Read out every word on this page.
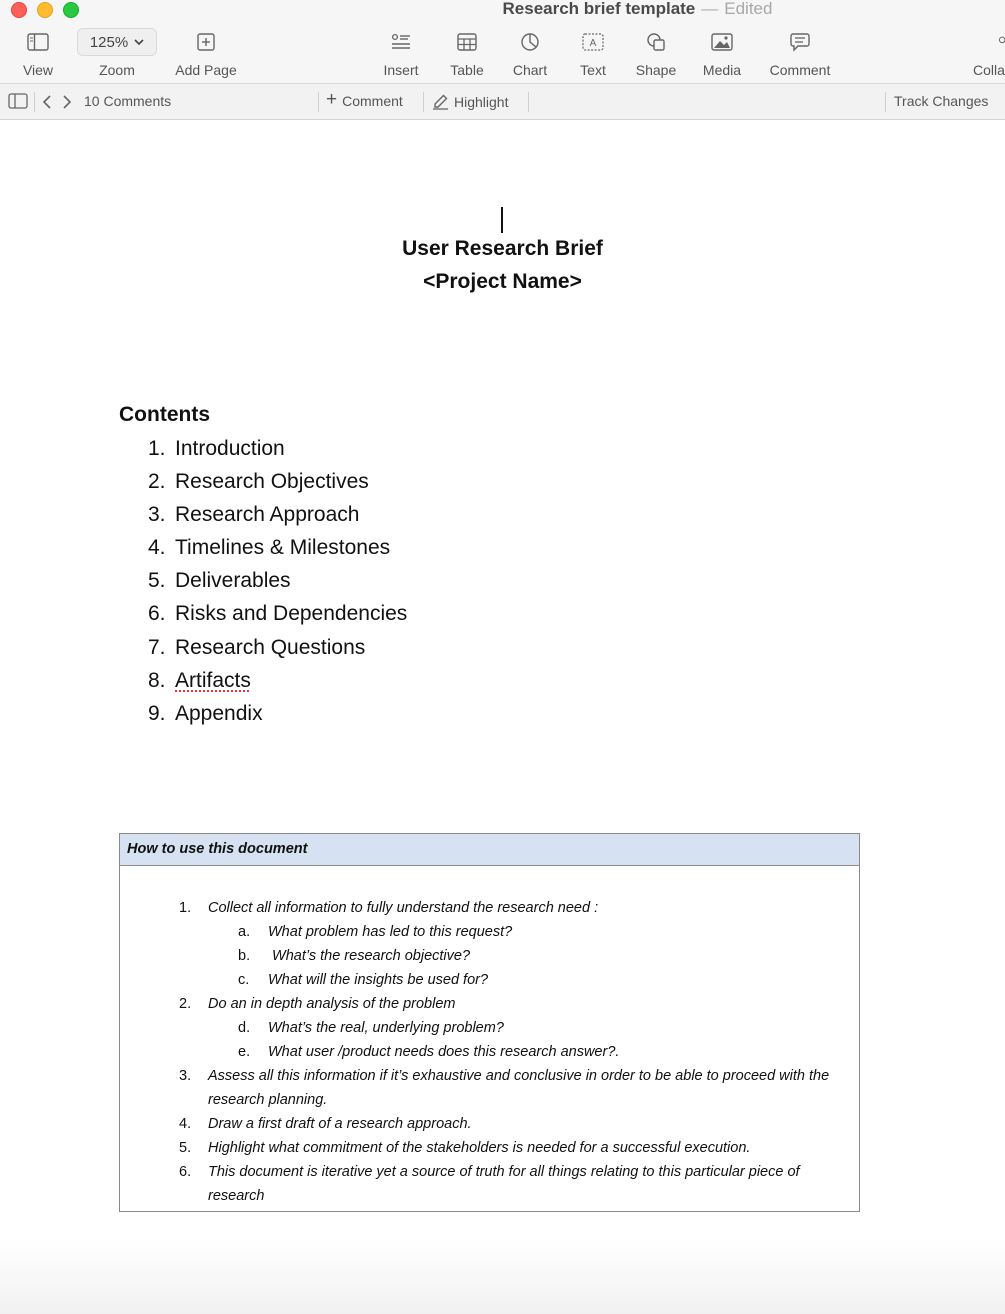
Research brief template — Edited
View
125%
Zoom	Add Page	Insert	Table	Chart
A
Text Shape Media Comment	Colla
10 Comments	+ Comment	Highlight	Track Changes
User Research Brief
<Project Name>
Contents
1. Introduction
2. Research Objectives
3. Research Approach
4. Timelines & Milestones
5. Deliverables
6. Risks and Dependencies
7. Research Questions
8. Artifacts
9. Appendix
How to use this document
1.	Collect all information to fully understand the research need :
a.	What problem has led to this request?
b.	What’s the research objective?
c.	What will the insights be used for?
2.	Do an in depth analysis of the problem
d.	What’s the real, underlying problem?
e.	What user /product needs does this research answer?.
3.	Assess all this information if it’s exhaustive and conclusive in order to be able to proceed with the research planning.
4.	Draw a first draft of a research approach.
5.	Highlight what commitment of the stakeholders is needed for a successful execution.
6.	This document is iterative yet a source of truth for all things relating to this particular piece of research
